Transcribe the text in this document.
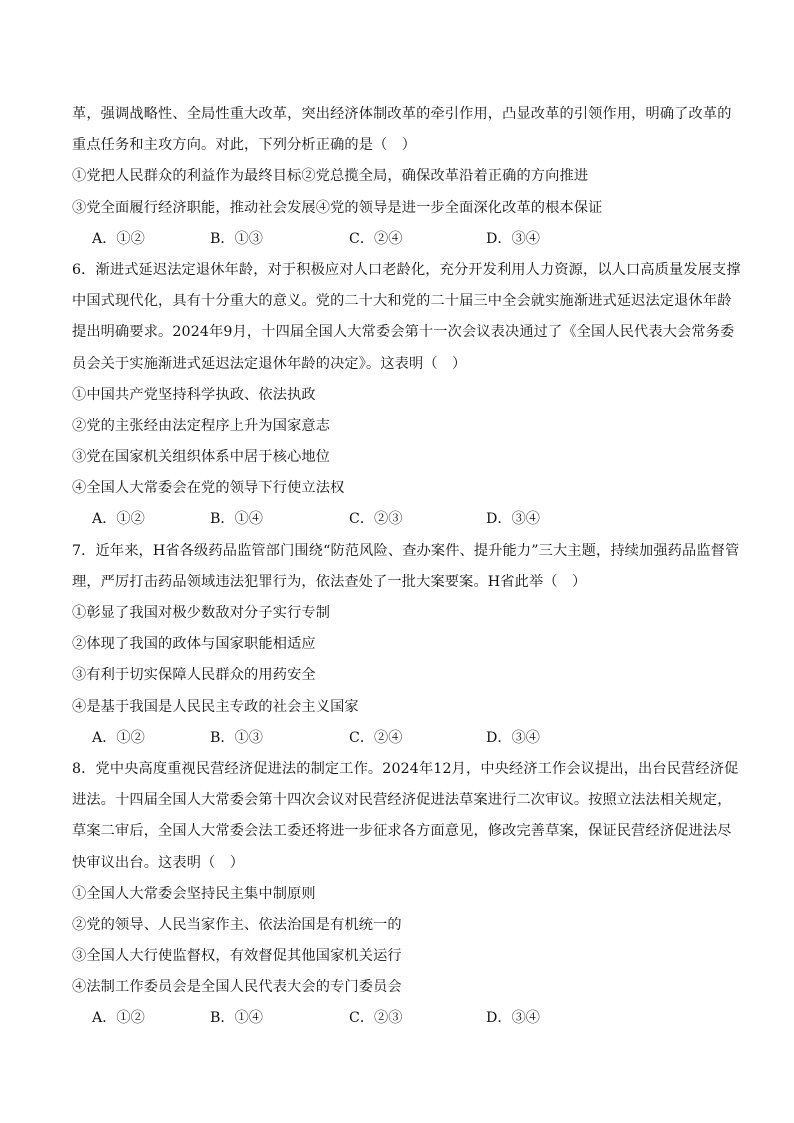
革，强调战略性、全局性重大改革，突出经济体制改革的牵引作用，凸显改革的引领作用，明确了改革的
重点任务和主攻方向。对此，下列分析正确的是（　）
①党把人民群众的利益作为最终目标②党总揽全局，确保改革沿着正确的方向推进
③党全面履行经济职能，推动社会发展④党的领导是进一步全面深化改革的根本保证
A．①②	B．①③	C．②④	D．③④
6．渐进式延迟法定退休年龄，对于积极应对人口老龄化，充分开发利用人力资源，以人口高质量发展支撑
中国式现代化，具有十分重大的意义。党的二十大和党的二十届三中全会就实施渐进式延迟法定退休年龄
提出明确要求。2024年9月，十四届全国人大常委会第十一次会议表决通过了《全国人民代表大会常务委
员会关于实施渐进式延迟法定退休年龄的决定》。这表明（　）
①中国共产党坚持科学执政、依法执政
②党的主张经由法定程序上升为国家意志
③党在国家机关组织体系中居于核心地位
④全国人大常委会在党的领导下行使立法权
A．①②	B．①④	C．②③	D．③④
7．近年来，H省各级药品监管部门围绕“防范风险、查办案件、提升能力”三大主题，持续加强药品监督管
理，严厉打击药品领域违法犯罪行为，依法查处了一批大案要案。H省此举（　）
①彰显了我国对极少数敌对分子实行专制
②体现了我国的政体与国家职能相适应
③有利于切实保障人民群众的用药安全
④是基于我国是人民民主专政的社会主义国家
A．①②	B．①③	C．②④	D．③④
8．党中央高度重视民营经济促进法的制定工作。2024年12月，中央经济工作会议提出，出台民营经济促
进法。十四届全国人大常委会第十四次会议对民营经济促进法草案进行二次审议。按照立法法相关规定，
草案二审后，全国人大常委会法工委还将进一步征求各方面意见，修改完善草案，保证民营经济促进法尽
快审议出台。这表明（　）
①全国人大常委会坚持民主集中制原则
②党的领导、人民当家作主、依法治国是有机统一的
③全国人大行使监督权，有效督促其他国家机关运行
④法制工作委员会是全国人民代表大会的专门委员会
A．①②	B．①④	C．②③	D．③④
